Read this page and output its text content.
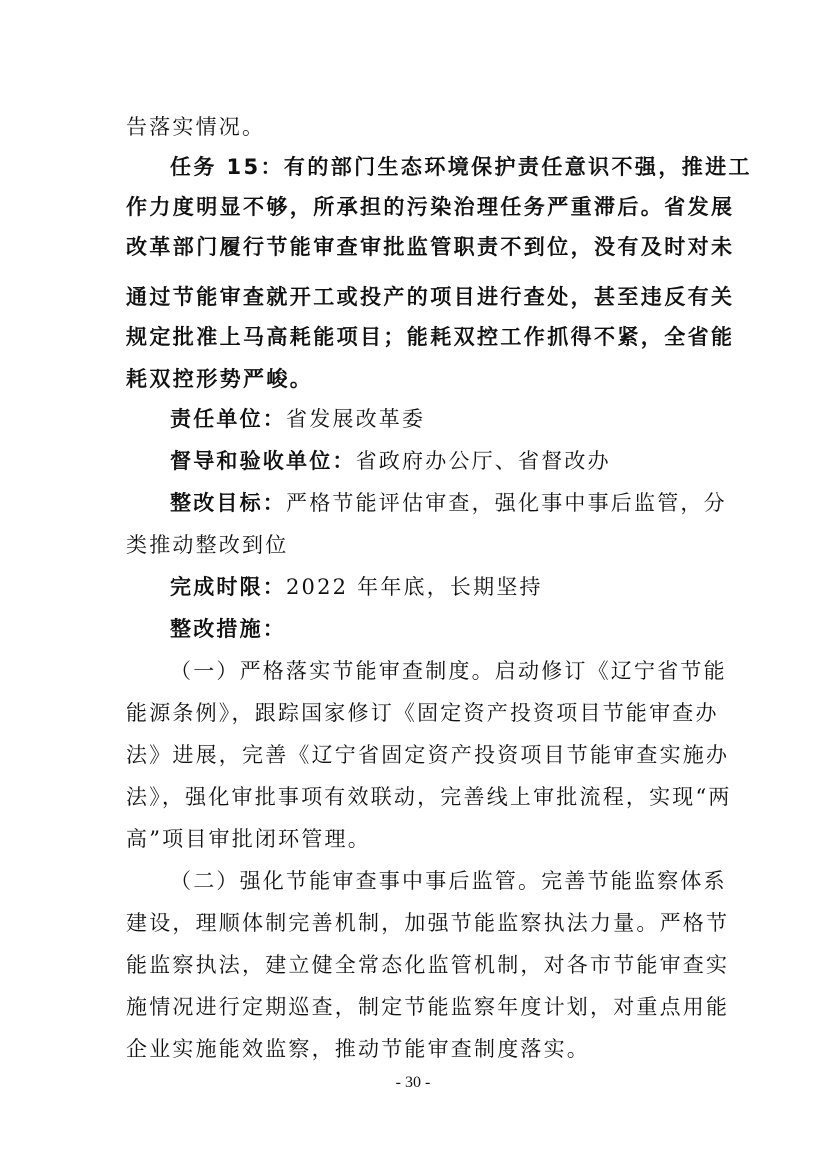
告落实情况。
任务 15：有的部门生态环境保护责任意识不强，推进工
作力度明显不够，所承担的污染治理任务严重滞后。省发展
改革部门履行节能审查审批监管职责不到位，没有及时对未
通过节能审查就开工或投产的项目进行查处，甚至违反有关
规定批准上马高耗能项目；能耗双控工作抓得不紧，全省能
耗双控形势严峻。
责任单位：省发展改革委
督导和验收单位：省政府办公厅、省督改办
整改目标：严格节能评估审查，强化事中事后监管，分
类推动整改到位
完成时限：2022 年年底，长期坚持
整改措施：
（一）严格落实节能审查制度。启动修订《辽宁省节能
能源条例》，跟踪国家修订《固定资产投资项目节能审查办
法》进展，完善《辽宁省固定资产投资项目节能审查实施办
法》，强化审批事项有效联动，完善线上审批流程，实现“两
高”项目审批闭环管理。
（二）强化节能审查事中事后监管。完善节能监察体系
建设，理顺体制完善机制，加强节能监察执法力量。严格节
能监察执法，建立健全常态化监管机制，对各市节能审查实
施情况进行定期巡查，制定节能监察年度计划，对重点用能
企业实施能效监察，推动节能审查制度落实。
- 30 -
